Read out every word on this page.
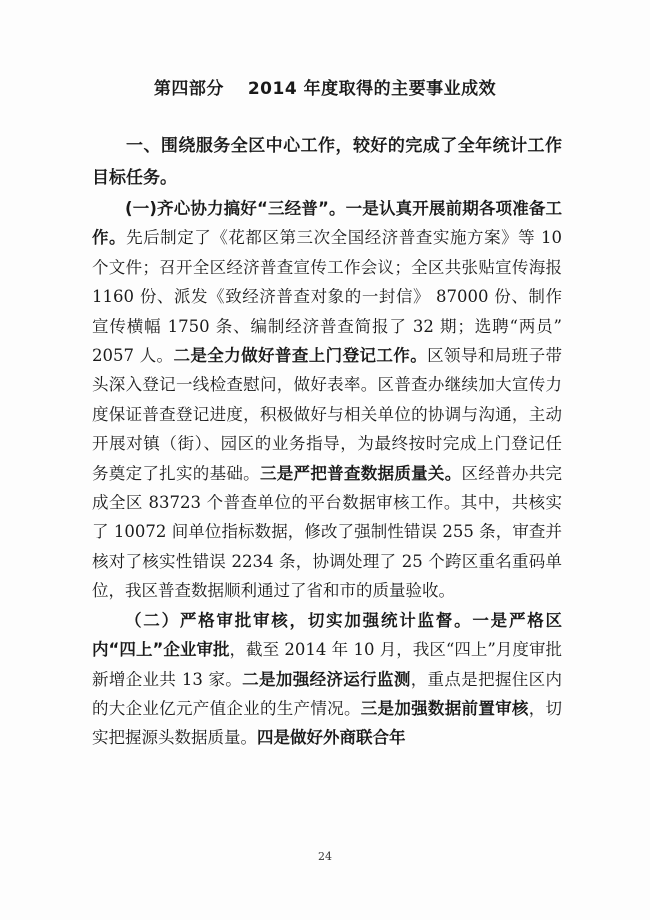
第四部分　 2014 年度取得的主要事业成效

一、围绕服务全区中心工作，较好的完成了全年统计工作目标任务。

(一)齐心协力搞好“三经普”。一是认真开展前期各项准备工作。先后制定了《花都区第三次全国经济普查实施方案》等 10 个文件；召开全区经济普查宣传工作会议；全区共张贴宣传海报 1160 份、派发《致经济普查对象的一封信》 87000 份、制作宣传横幅 1750 条、编制经济普查简报了 32 期；选聘“两员” 2057 人。二是全力做好普查上门登记工作。区领导和局班子带头深入登记一线检查慰问，做好表率。区普查办继续加大宣传力度保证普查登记进度，积极做好与相关单位的协调与沟通，主动开展对镇（街）、园区的业务指导，为最终按时完成上门登记任务奠定了扎实的基础。三是严把普查数据质量关。区经普办共完成全区 83723 个普查单位的平台数据审核工作。其中，共核实了 10072 间单位指标数据，修改了强制性错误 255 条，审查并核对了核实性错误 2234 条，协调处理了 25 个跨区重名重码单位，我区普查数据顺利通过了省和市的质量验收。

（二）严格审批审核，切实加强统计监督。一是严格区内“四上”企业审批，截至 2014 年 10 月，我区“四上”月度审批新增企业共 13 家。二是加强经济运行监测，重点是把握住区内的大企业亿元产值企业的生产情况。三是加强数据前置审核，切实把握源头数据质量。四是做好外商联合年

24
